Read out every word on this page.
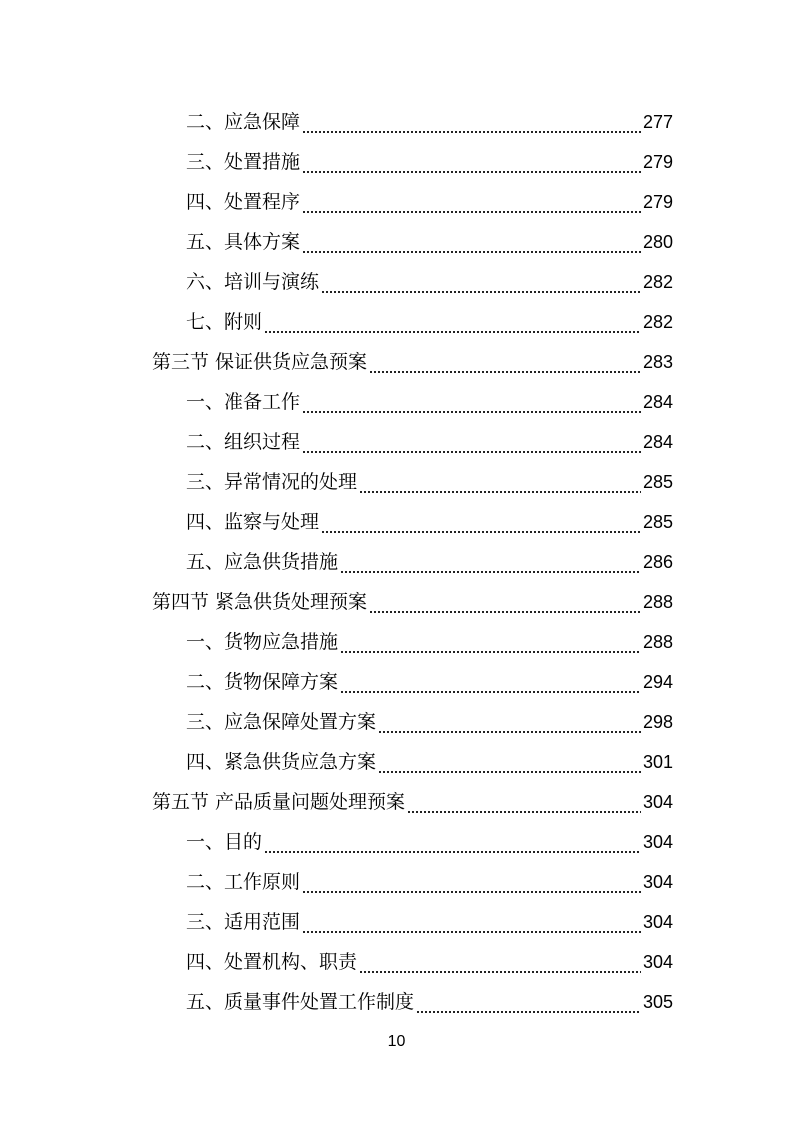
二、应急保障	277
三、处置措施	279
四、处置程序	279
五、具体方案	280
六、培训与演练	282
七、附则	282
第三节 保证供货应急预案	283
一、准备工作	284
二、组织过程	284
三、异常情况的处理	285
四、监察与处理	285
五、应急供货措施	286
第四节 紧急供货处理预案	288
一、货物应急措施	288
二、货物保障方案	294
三、应急保障处置方案	298
四、紧急供货应急方案	301
第五节 产品质量问题处理预案	304
一、目的	304
二、工作原则	304
三、适用范围	304
四、处置机构、职责	304
五、质量事件处置工作制度	305
10
